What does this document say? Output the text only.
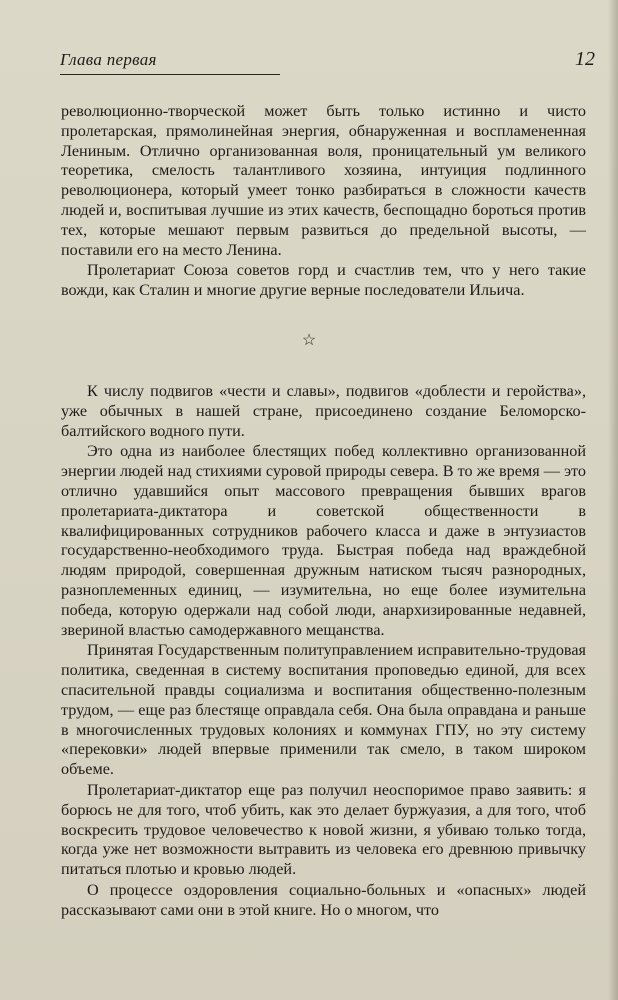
Глава первая	12

революционно-творческой может быть только истинно и чисто пролетарская, прямолинейная энергия, обнаруженная и воспламененная Лениным. Отлично организованная воля, проницательный ум великого теоретика, смелость талантливого хозяина, интуиция подлинного революционера, который умеет тонко разбираться в сложности качеств людей и, воспитывая лучшие из этих качеств, беспощадно бороться против тех, которые мешают первым развиться до предельной высоты, — поставили его на место Ленина.

Пролетариат Союза советов горд и счастлив тем, что у него такие вожди, как Сталин и многие другие верные последователи Ильича.

☆

К числу подвигов «чести и славы», подвигов «доблести и геройства», уже обычных в нашей стране, присоединено создание Беломорско-балтийского водного пути.

Это одна из наиболее блестящих побед коллективно организованной энергии людей над стихиями суровой природы севера. В то же время — это отлично удавшийся опыт массового превращения бывших врагов пролетариата-диктатора и советской общественности в квалифицированных сотрудников рабочего класса и даже в энтузиастов государственно-необходимого труда. Быстрая победа над враждебной людям природой, совершенная дружным натиском тысяч разнородных, разноплеменных единиц, — изумительна, но еще более изумительна победа, которую одержали над собой люди, анархизированные недавней, звериной властью самодержавного мещанства.

Принятая Государственным политуправлением исправительно-трудовая политика, сведенная в систему воспитания проповедью единой, для всех спасительной правды социализма и воспитания общественно-полезным трудом, — еще раз блестяще оправдала себя. Она была оправдана и раньше в многочисленных трудовых колониях и коммунах ГПУ, но эту систему «перековки» людей впервые применили так смело, в таком широком объеме.

Пролетариат-диктатор еще раз получил неоспоримое право заявить: я борюсь не для того, чтоб убить, как это делает буржуазия, а для того, чтоб воскресить трудовое человечество к новой жизни, я убиваю только тогда, когда уже нет возможности вытравить из человека его древнюю привычку питаться плотью и кровью людей.

О процессе оздоровления социально-больных и «опасных» людей рассказывают сами они в этой книге. Но о многом, что
